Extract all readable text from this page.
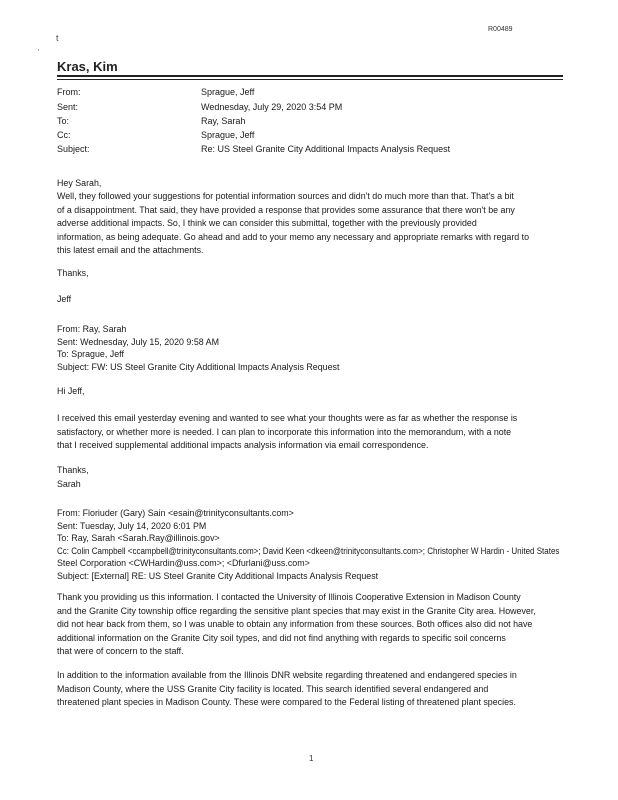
R00489
t
'
Kras, Kim
From:	Sprague, Jeff
Sent:	Wednesday, July 29, 2020 3:54 PM
To:	Ray, Sarah
Cc:	Sprague, Jeff
Subject:	Re: US Steel Granite City Additional Impacts Analysis Request
Hey Sarah,
Well, they followed your suggestions for potential information sources and didn't do much more than that. That's a bit
of a disappointment. That said, they have provided a response that provides some assurance that there won't be any
adverse additional impacts. So, I think we can consider this submittal, together with the previously provided
information, as being adequate. Go ahead and add to your memo any necessary and appropriate remarks with regard to
this latest email and the attachments.
Thanks,
Jeff
From: Ray, Sarah
Sent: Wednesday, July 15, 2020 9:58 AM
To: Sprague, Jeff
Subject: FW: US Steel Granite City Additional Impacts Analysis Request
Hi Jeff,
I received this email yesterday evening and wanted to see what your thoughts were as far as whether the response is
satisfactory, or whether more is needed. I can plan to incorporate this information into the memorandum, with a note
that I received supplemental additional impacts analysis information via email correspondence.
Thanks,
Sarah
From: Floriuder (Gary) Sain <esain@trinityconsultants.com>
Sent: Tuesday, July 14, 2020 6:01 PM
To: Ray, Sarah <Sarah.Ray@illinois.gov>
Cc: Colin Campbell <ccampbell@trinityconsultants.com>; David Keen <dkeen@trinityconsultants.com>; Christopher W Hardin - United States
Steel Corporation <CWHardin@uss.com>; <Dfurlani@uss.com>
Subject: [External] RE: US Steel Granite City Additional Impacts Analysis Request
Thank you providing us this information. I contacted the University of Illinois Cooperative Extension in Madison County
and the Granite City township office regarding the sensitive plant species that may exist in the Granite City area. However,
did not hear back from them, so I was unable to obtain any information from these sources. Both offices also did not have
additional information on the Granite City soil types, and did not find anything with regards to specific soil concerns
that were of concern to the staff.
In addition to the information available from the Illinois DNR website regarding threatened and endangered species in
Madison County, where the USS Granite City facility is located. This search identified several endangered and
threatened plant species in Madison County. These were compared to the Federal listing of threatened plant species.
1
